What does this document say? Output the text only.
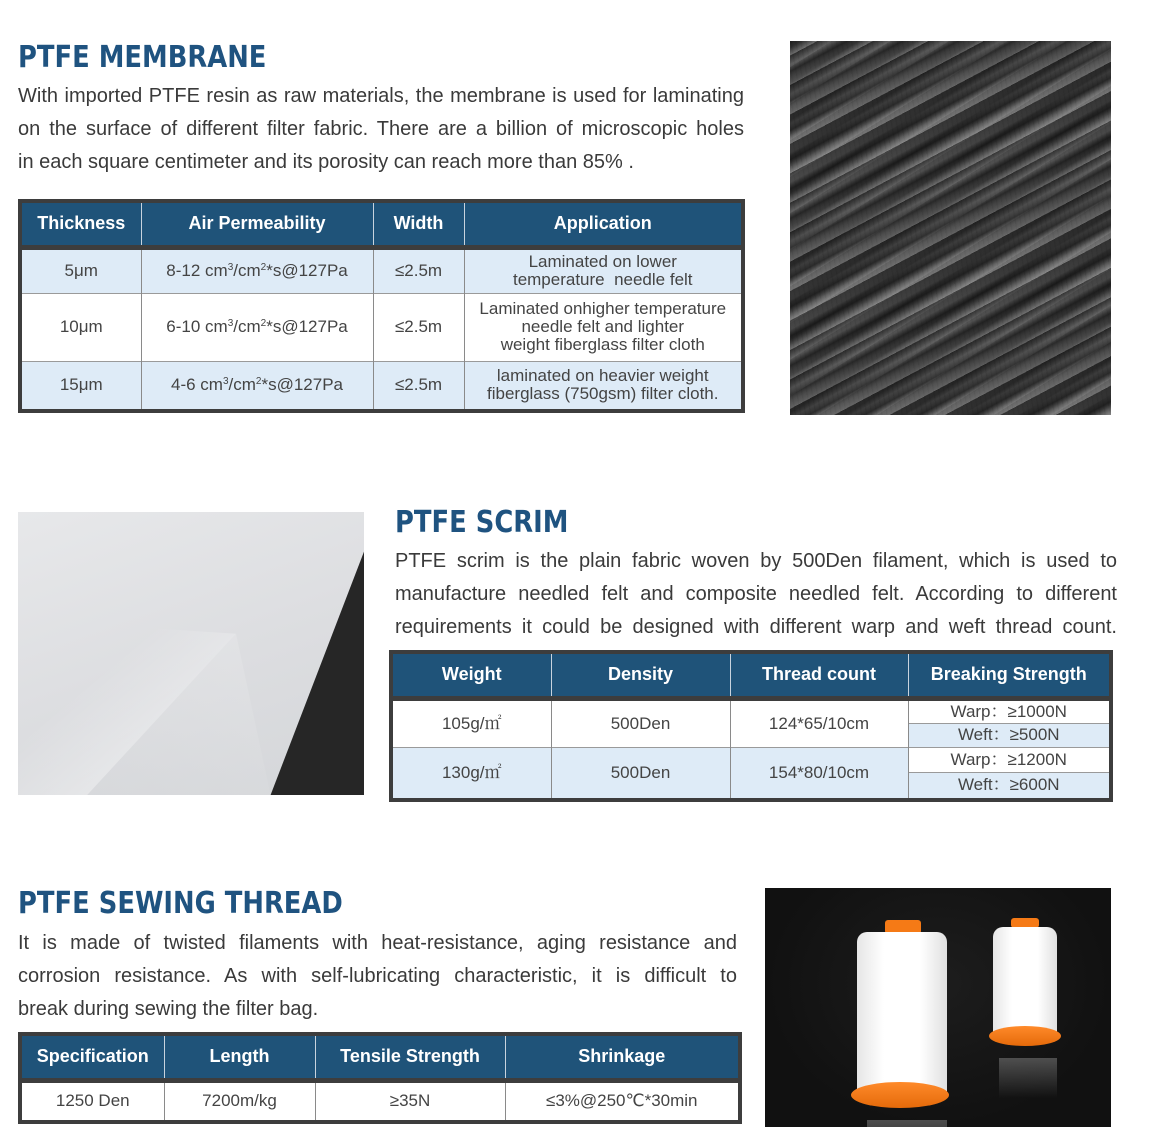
PTFE MEMBRANE

With imported PTFE resin as raw materials, the membrane is used for laminating

on the surface of different filter fabric. There are a billion of microscopic holes

in each square centimeter and its porosity can reach more than 85% .

Thickness	Air Permeability	Width	Application
5μm	8-12 $cm^3/cm^2*s@127Pa$	≤2.5m	Laminated on lower
temperature  needle felt

10μm	6-10 $cm^3/cm^2*s@127Pa$	≤2.5m	Laminated onhigher temperature
needle felt and lighter
weight fiberglass filter cloth

15μm	4-6 $cm^3/cm^2*s@127Pa$	≤2.5m	laminated on heavier weight
fiberglass (750gsm) filter cloth.
PTFE SCRIM

PTFE scrim is the plain fabric woven by 500Den filament, which is used to

manufacture needled felt and composite needled felt. According to different

requirements it could be designed with different warp and weft thread count.

Weight	Density	Thread count	Breaking Strength
105g/㎡	500Den	124*65/10cm	Warp：≥1000N
Weft：≥500N

130g/㎡	500Den	154*80/10cm	Warp：≥1200N
Weft：≥600N
PTFE SEWING THREAD

It is made of twisted filaments with heat-resistance, aging resistance and

corrosion resistance. As with self-lubricating characteristic, it is difficult to

break during sewing the filter bag.

Specification	Length	Tensile Strength	Shrinkage
1250 Den	7200m/kg	≥35N	≤3%@250℃*30min
